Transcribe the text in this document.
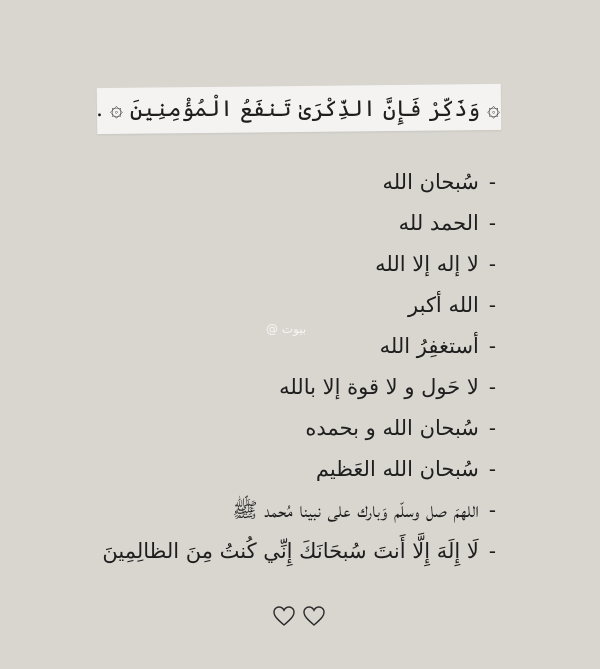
۞ وَذَكِّرْ فَإِنَّ الذِّكْرَىٰ تَنفَعُ الْمُؤْمِنِينَ ۞ .
-سُبحان الله
-الحمد لله
-لا إله إلا الله
-الله أكبر
-أستغفِرُ الله
-لا حَول و لا قوة إلا بالله
-سُبحان الله و بحمده
-سُبحان الله العَظيم
-اللهمَ صل وسلّم وَبارك على نبينا مُحمد ﷺ
-لَا إِلَهَ إِلَّا أَنتَ سُبحَانَكَ إِنِّي كُنتُ مِنَ الظالِمِينَ
بيوت @
